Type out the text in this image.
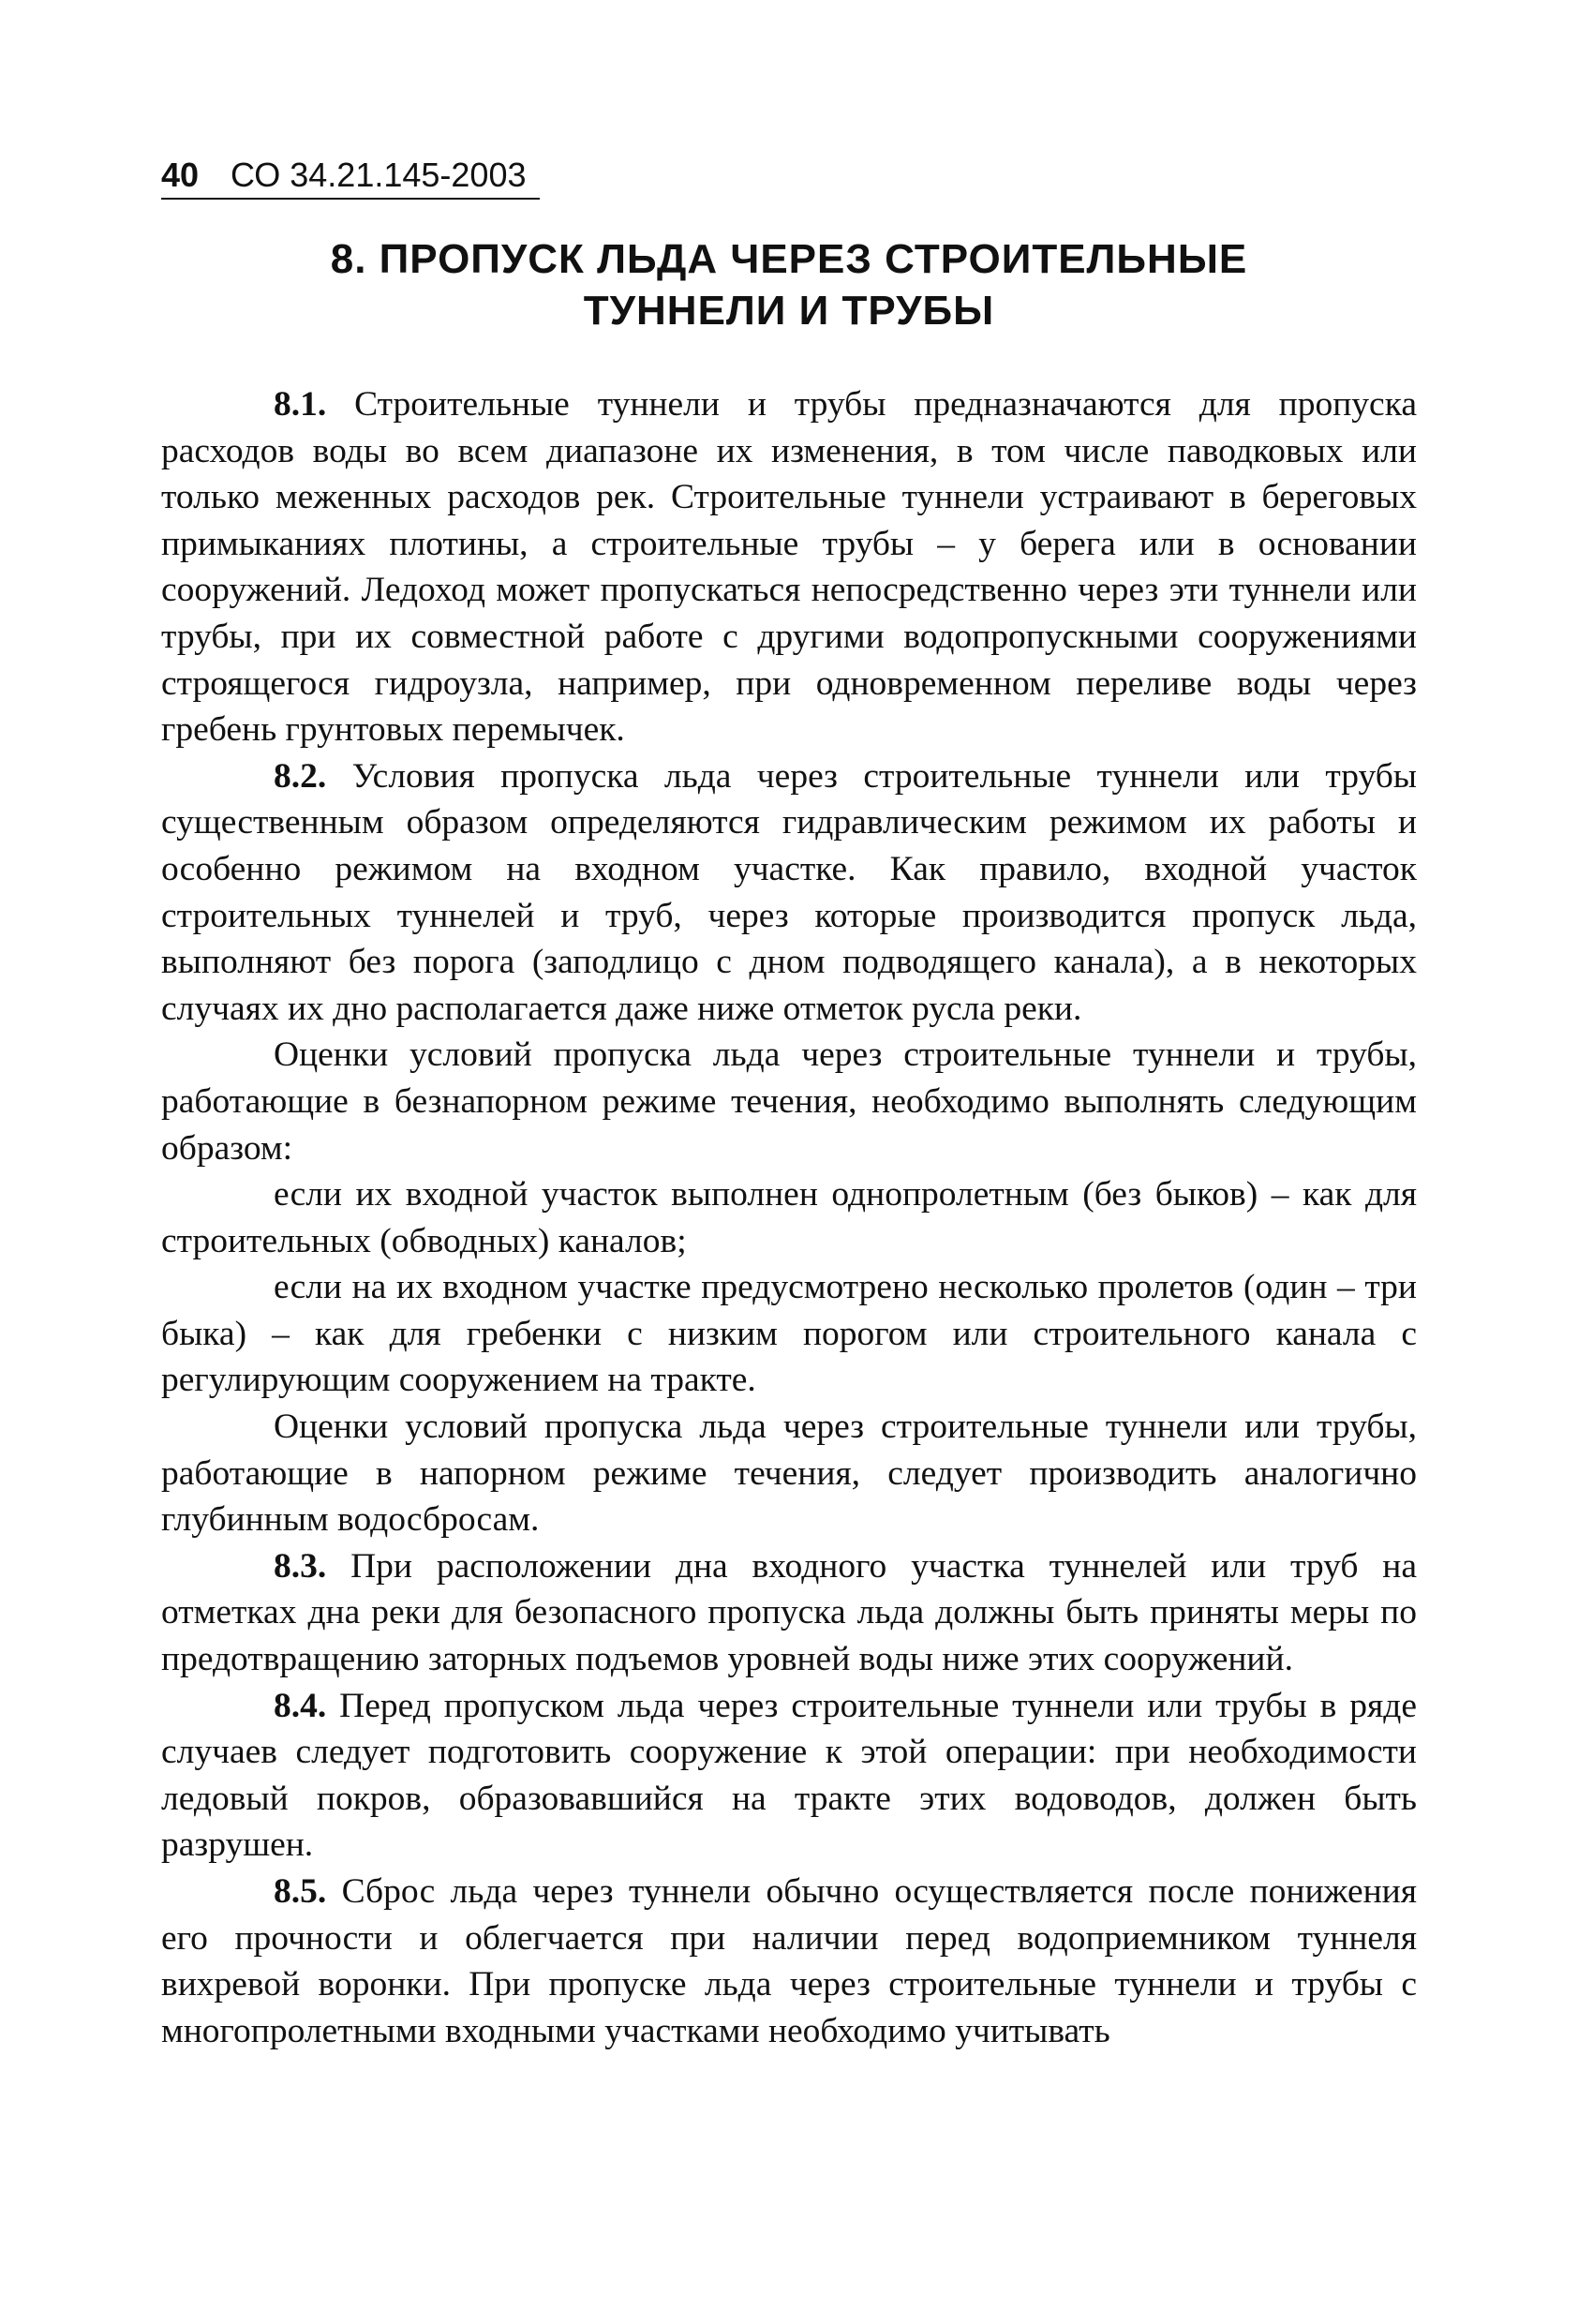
40 СО 34.21.145-2003
8. ПРОПУСК ЛЬДА ЧЕРЕЗ СТРОИТЕЛЬНЫЕ
ТУННЕЛИ И ТРУБЫ

8.1. Строительные туннели и трубы предназначаются для пропуска расходов воды во всем диапазоне их изменения, в том числе паводковых или только меженных расходов рек. Строительные туннели устраивают в береговых примыканиях плотины, а строительные трубы – у берега или в основании сооружений. Ледоход может пропускаться непосредственно через эти туннели или трубы, при их совместной работе с другими водопропускными сооружениями строящегося гидроузла, например, при одновременном переливе воды через гребень грунтовых перемычек.

8.2. Условия пропуска льда через строительные туннели или трубы существенным образом определяются гидравлическим режимом их работы и особенно режимом на входном участке. Как правило, входной участок строительных туннелей и труб, через которые производится пропуск льда, выполняют без порога (заподлицо с дном подводящего канала), а в некоторых случаях их дно располагается даже ниже отметок русла реки.

Оценки условий пропуска льда через строительные туннели и трубы, работающие в безнапорном режиме течения, необходимо выполнять следующим образом:

если их входной участок выполнен однопролетным (без быков) – как для строительных (обводных) каналов;

если на их входном участке предусмотрено несколько пролетов (один – три быка) – как для гребенки с низким порогом или строительного канала с регулирующим сооружением на тракте.

Оценки условий пропуска льда через строительные туннели или трубы, работающие в напорном режиме течения, следует производить аналогично глубинным водосбросам.

8.3. При расположении дна входного участка туннелей или труб на отметках дна реки для безопасного пропуска льда должны быть приняты меры по предотвращению заторных подъемов уровней воды ниже этих сооружений.

8.4. Перед пропуском льда через строительные туннели или трубы в ряде случаев следует подготовить сооружение к этой операции: при необходимости ледовый покров, образовавшийся на тракте этих водоводов, должен быть разрушен.

8.5. Сброс льда через туннели обычно осуществляется после понижения его прочности и облегчается при наличии перед водоприемником туннеля вихревой воронки. При пропуске льда через строительные туннели и трубы с многопролетными входными участками необходимо учитывать
